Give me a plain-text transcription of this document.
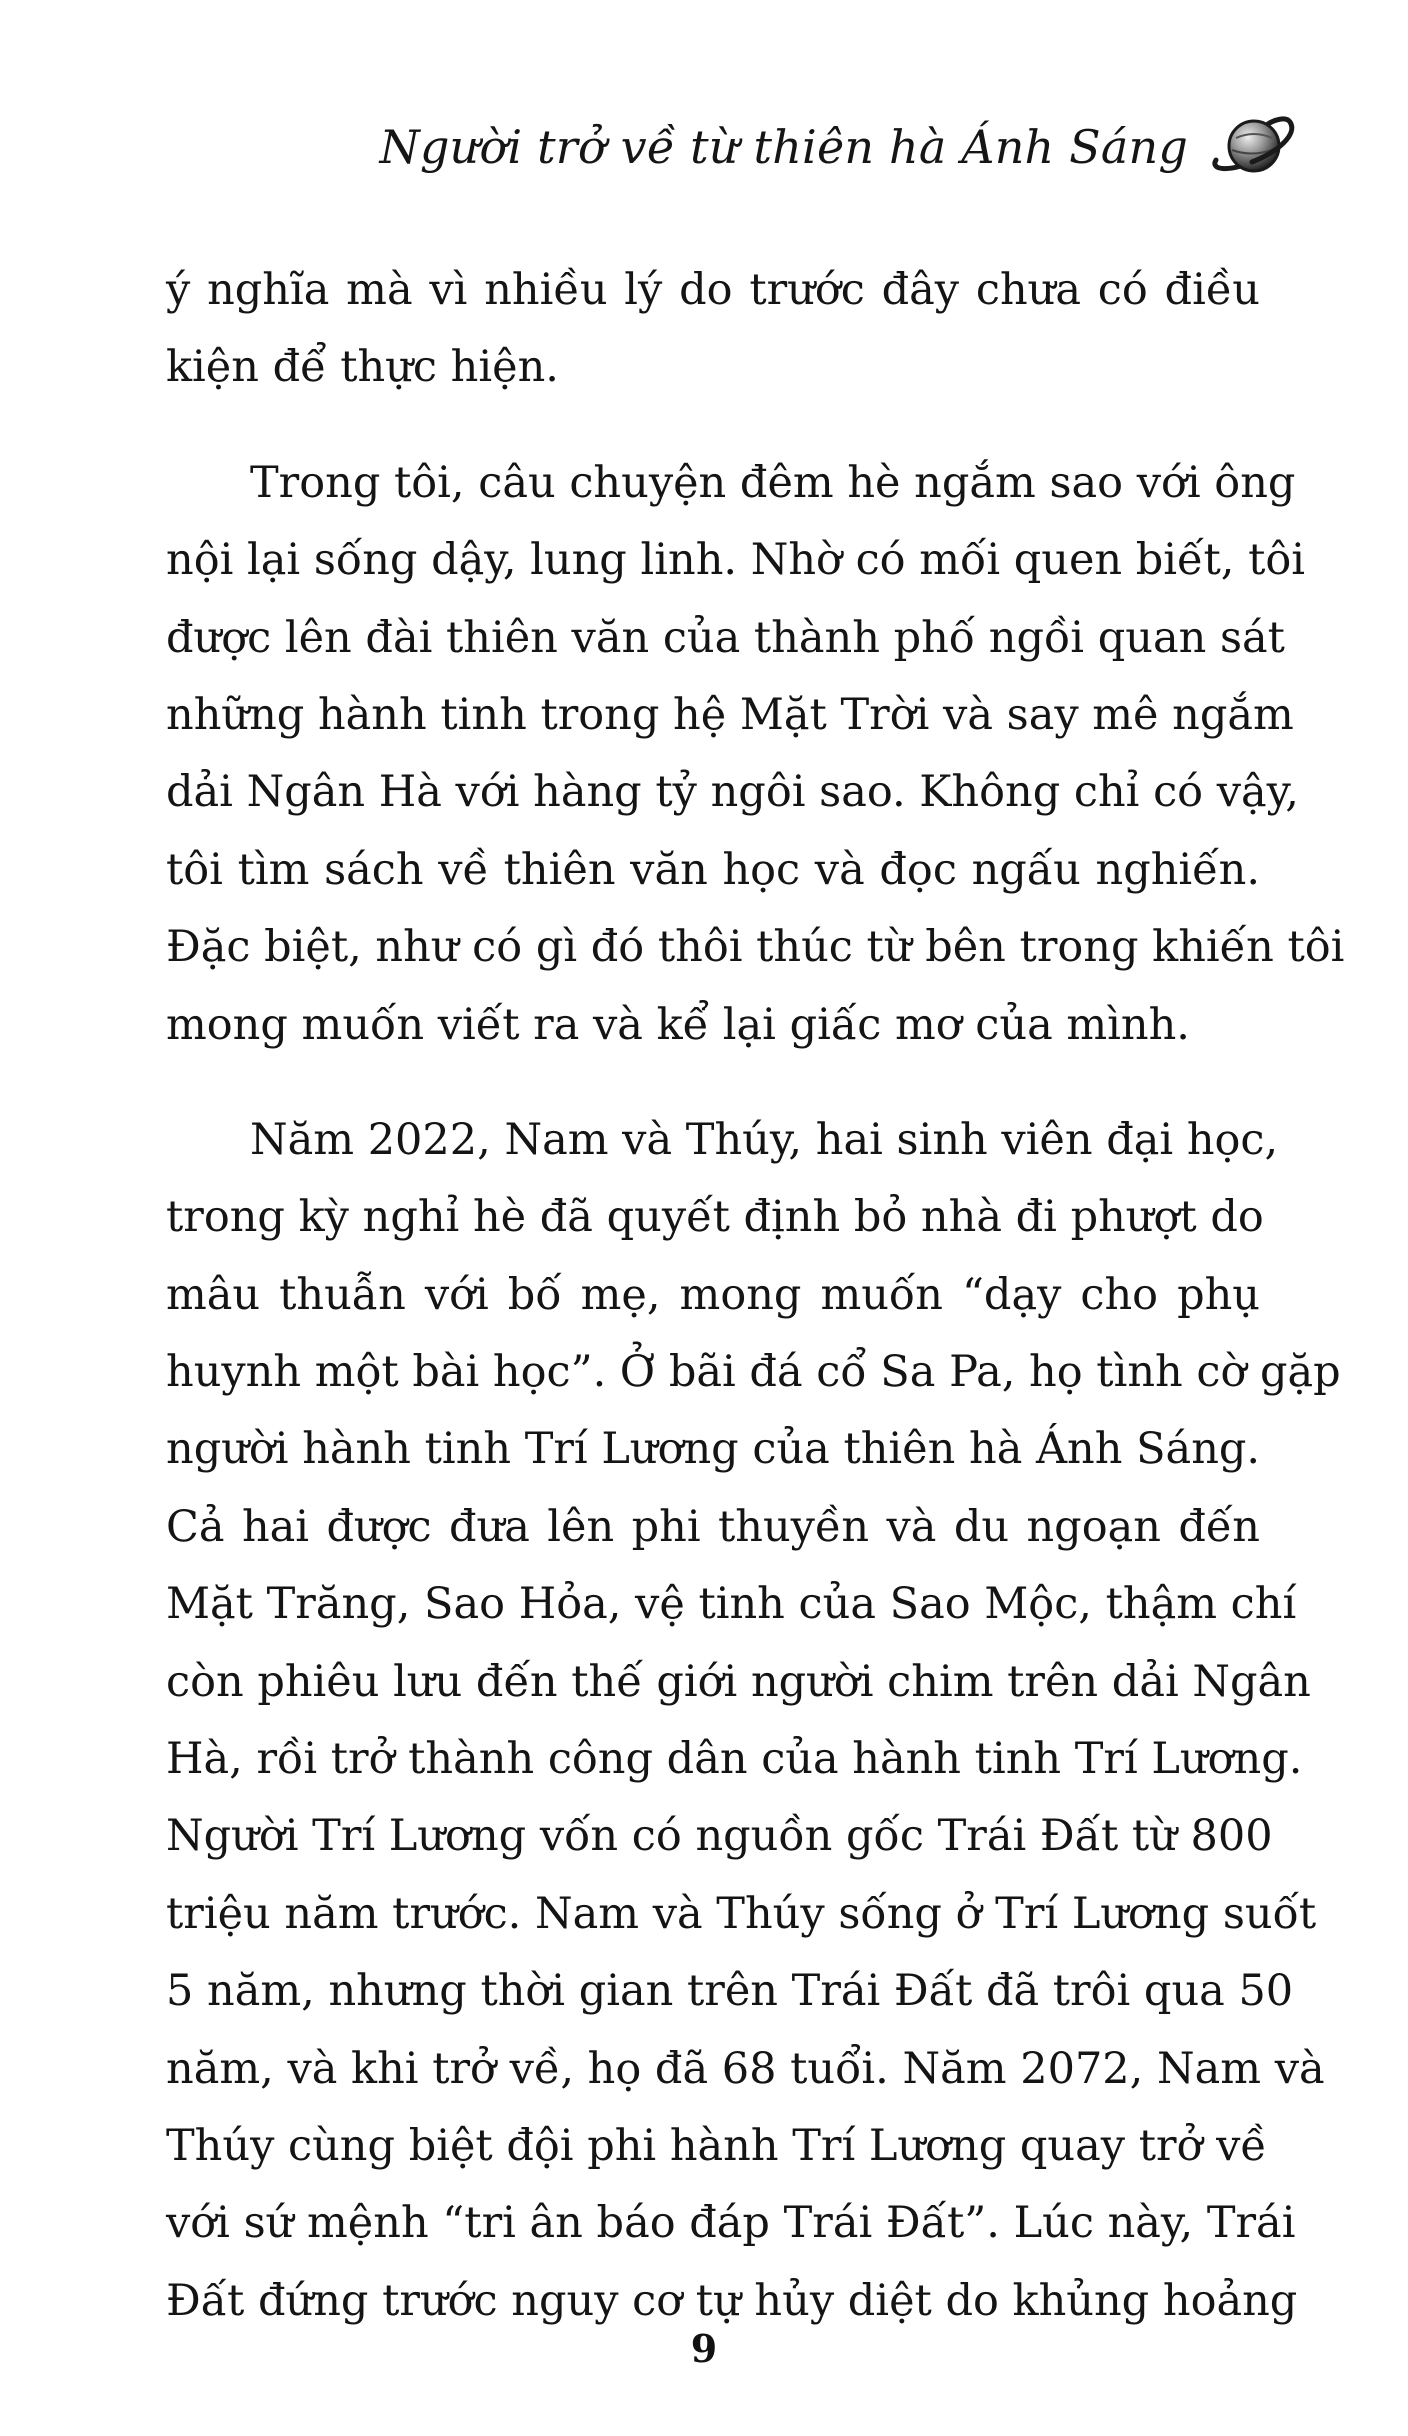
Người trở về từ thiên hà Ánh Sáng
ý nghĩa mà vì nhiều lý do trước đây chưa có điều
kiện để thực hiện.
Trong tôi, câu chuyện đêm hè ngắm sao với ông
nội lại sống dậy, lung linh. Nhờ có mối quen biết, tôi
được lên đài thiên văn của thành phố ngồi quan sát
những hành tinh trong hệ Mặt Trời và say mê ngắm
dải Ngân Hà với hàng tỷ ngôi sao. Không chỉ có vậy,
tôi tìm sách về thiên văn học và đọc ngấu nghiến.
Đặc biệt, như có gì đó thôi thúc từ bên trong khiến tôi
mong muốn viết ra và kể lại giấc mơ của mình.
Năm 2022, Nam và Thúy, hai sinh viên đại học,
trong kỳ nghỉ hè đã quyết định bỏ nhà đi phượt do
mâu thuẫn với bố mẹ, mong muốn “dạy cho phụ
huynh một bài học”. Ở bãi đá cổ Sa Pa, họ tình cờ gặp
người hành tinh Trí Lương của thiên hà Ánh Sáng.
Cả hai được đưa lên phi thuyền và du ngoạn đến
Mặt Trăng, Sao Hỏa, vệ tinh của Sao Mộc, thậm chí
còn phiêu lưu đến thế giới người chim trên dải Ngân
Hà, rồi trở thành công dân của hành tinh Trí Lương.
Người Trí Lương vốn có nguồn gốc Trái Đất từ 800
triệu năm trước. Nam và Thúy sống ở Trí Lương suốt
5 năm, nhưng thời gian trên Trái Đất đã trôi qua 50
năm, và khi trở về, họ đã 68 tuổi. Năm 2072, Nam và
Thúy cùng biệt đội phi hành Trí Lương quay trở về
với sứ mệnh “tri ân báo đáp Trái Đất”. Lúc này, Trái
Đất đứng trước nguy cơ tự hủy diệt do khủng hoảng
9
